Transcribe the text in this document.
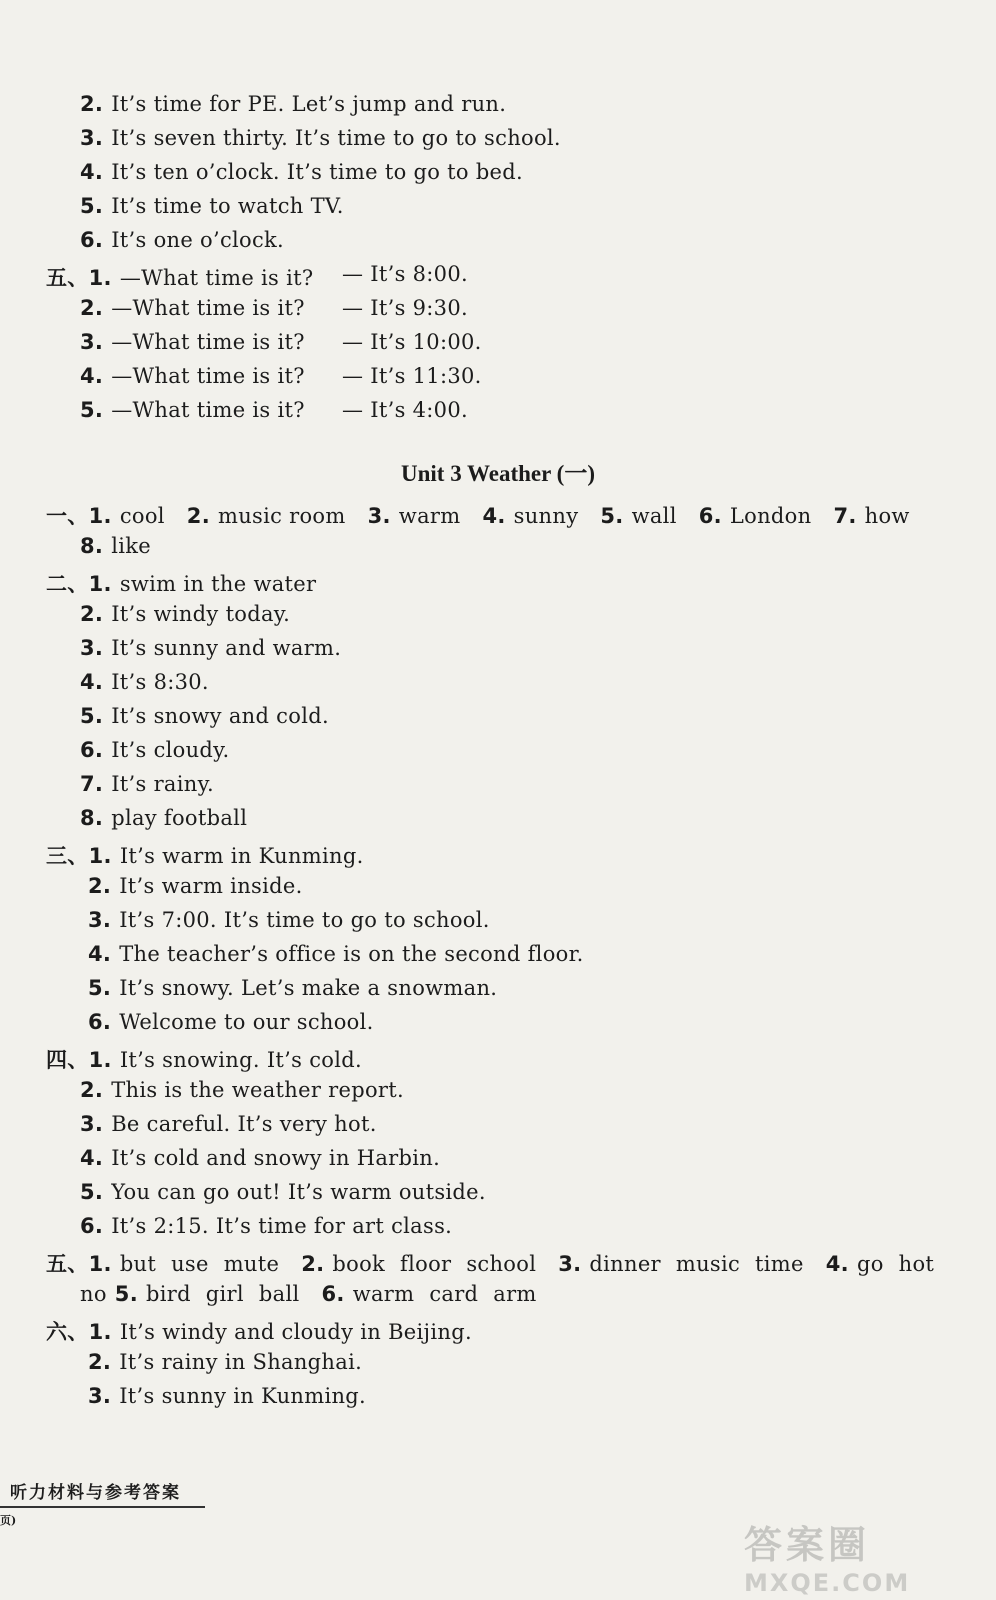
2. It’s time for PE. Let’s jump and run.
3. It’s seven thirty. It’s time to go to school.
4. It’s ten o’clock. It’s time to go to bed.
5. It’s time to watch TV.
6. It’s one o’clock.
五、1. —What time is it? — It’s 8:00.
2. —What time is it? — It’s 9:30.
3. —What time is it? — It’s 10:00.
4. —What time is it? — It’s 11:30.
5. —What time is it? — It’s 4:00.
Unit 3 Weather (一)
一、1. cool 2. music room 3. warm 4. sunny 5. wall 6. London 7. how
8. like
二、1. swim in the water
2. It’s windy today.
3. It’s sunny and warm.
4. It’s 8:30.
5. It’s snowy and cold.
6. It’s cloudy.
7. It’s rainy.
8. play football
三、1. It’s warm in Kunming.
2. It’s warm inside.
3. It’s 7:00. It’s time to go to school.
4. The teacher’s office is on the second floor.
5. It’s snowy. Let’s make a snowman.
6. Welcome to our school.
四、1. It’s snowing. It’s cold.
2. This is the weather report.
3. Be careful. It’s very hot.
4. It’s cold and snowy in Harbin.
5. You can go out! It’s warm outside.
6. It’s 2:15. It’s time for art class.
五、1. but use mute 2. book floor school 3. dinner music time 4. go hot
no 5. bird girl ball 6. warm card arm
六、1. It’s windy and cloudy in Beijing.
2. It’s rainy in Shanghai.
3. It’s sunny in Kunming.
听力材料与参考答案
页)
答案圈
MXQE.COM
